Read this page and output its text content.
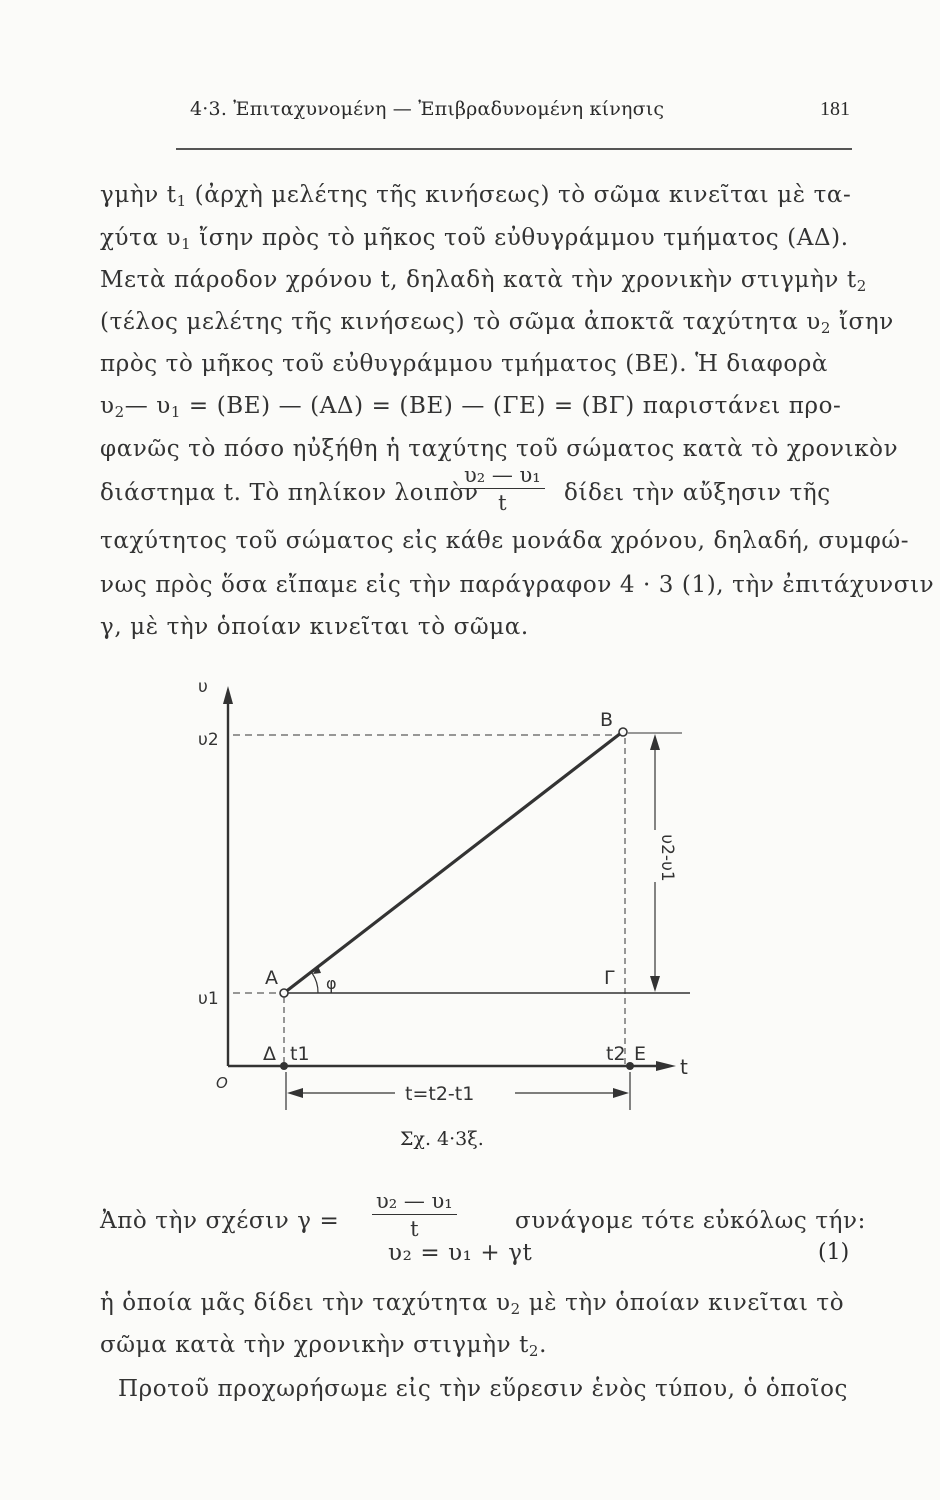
4·3. Ἐπιταχυνομένη — Ἐπιβραδυνομένη κίνησις	181
γμὴν $t_1$ (ἀρχὴ μελέτης τῆς κινήσεως) τὸ σῶμα κινεῖται μὲ τα-
χύτα $\upsilon_1$ ἴσην πρὸς τὸ μῆκος τοῦ εὐθυγράμμου τμήματος (ΑΔ).
Μετὰ πάροδον χρόνου t, δηλαδὴ κατὰ τὴν χρονικὴν στιγμὴν $t_2$
(τέλος μελέτης τῆς κινήσεως) τὸ σῶμα ἀποκτᾶ ταχύτητα $\upsilon_2$ ἴσην
πρὸς τὸ μῆκος τοῦ εὐθυγράμμου τμήματος (ΒΕ). Ἡ διαφορὰ
$\upsilon_2—$ $\upsilon_1 = (BE)$ — (ΑΔ) = (ΒΕ) — (ΓΕ) = (ΒΓ) παριστάνει προ-
φανῶς τὸ πόσο ηὐξήθη ἡ ταχύτης τοῦ σώματος κατὰ τὸ χρονικὸν
διάστημα t. Τὸ πηλίκον λοιπὸν
$\frac{\text{υ₂ — υ₁}}{t}$ δίδει τὴν αὔξησιν τῆς
ταχύτητος τοῦ σώματος εἰς κάθε μονάδα χρόνου, δηλαδή, συμφώ-
νως πρὸς ὅσα εἴπαμε εἰς τὴν παράγραφον 4 · 3 (1), τὴν ἐπιτάχυνσιν
γ, μὲ τὴν ὁποίαν κινεῖται τὸ σῶμα.
υ
υ2
υ1
O
B
A	φ	Γ
Δ t1	t2 E
t
t=t2-t1
υ2-υ1
Σχ. 4·3ξ.
Ἀπὸ τὴν σχέσιν $\gamma = \frac{\text{υ₂ — υ₁}}{t}$	συνάγομε τότε εὐκόλως τήν:
υ₂ = υ₁ + γt	(1)
ἡ ὁποία μᾶς δίδει τὴν ταχύτητα $\upsilon_2$ μὲ τὴν ὁποίαν κινεῖται τὸ
σῶμα κατὰ τὴν χρονικὴν στιγμὴν $t_2$.
Προτοῦ προχωρήσωμε εἰς τὴν εὕρεσιν ἑνὸς τύπου, ὁ ὁποῖος
